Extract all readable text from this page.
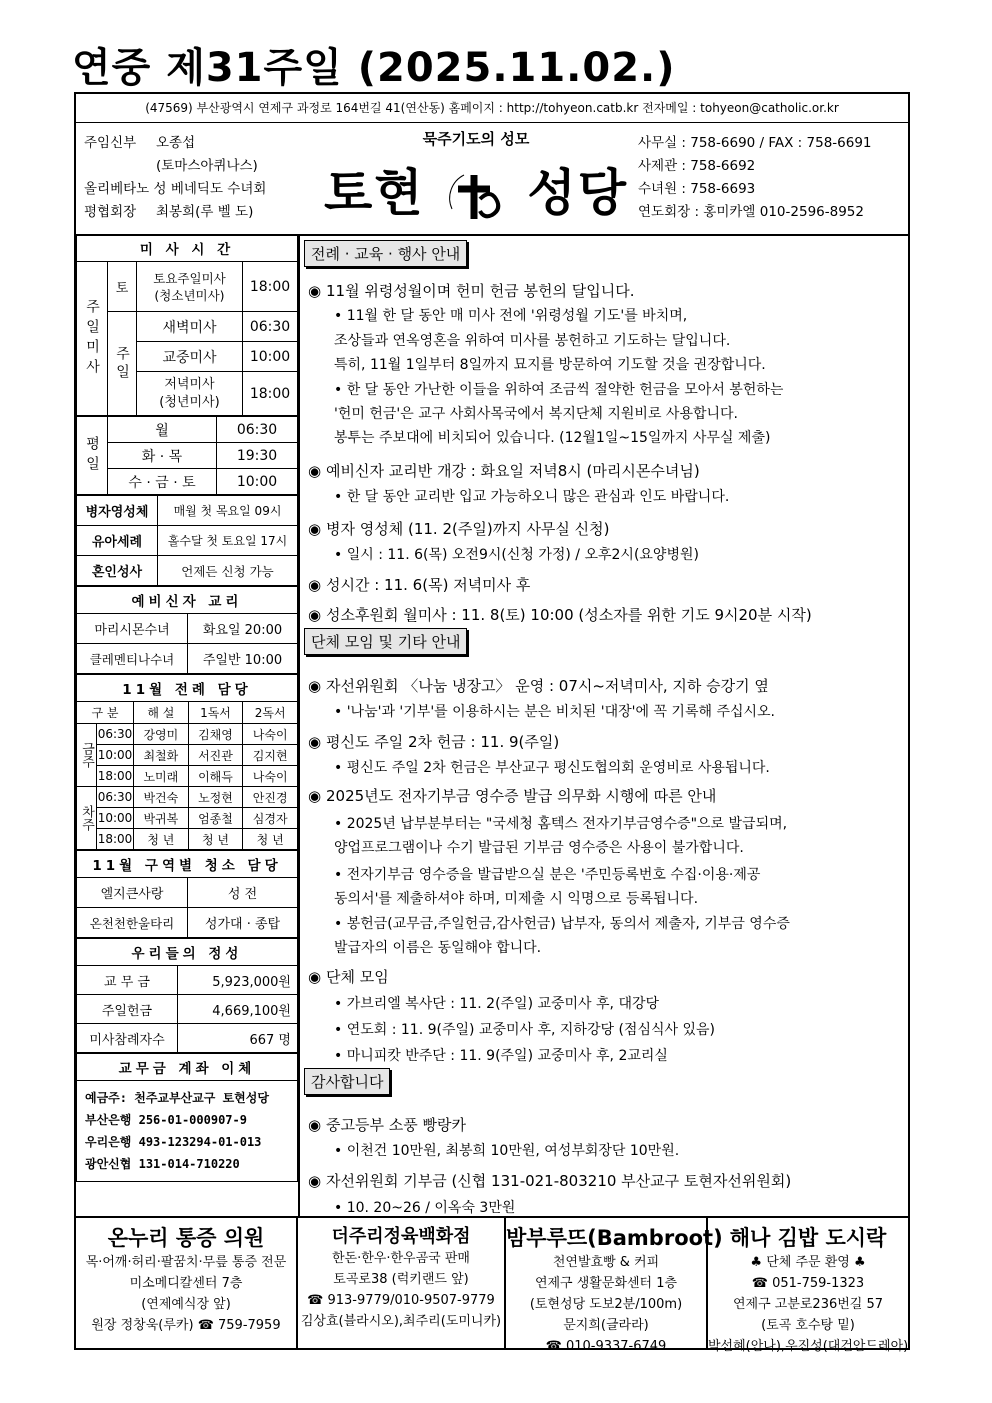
연중 제31주일 (2025.11.02.)
(47569) 부산광역시 연제구 과정로 164번길 41(연산동) 홈페이지 : http://tohyeon.catb.kr 전자메일 : tohyeon@catholic.or.kr
주임신부 오종섭
(토마스아퀴나스)
올리베타노 성 베네딕도 수녀회
평협회장 최봉희(루 벨 도)
묵주기도의 성모
토현 성당
사무실 : 758-6690 / FAX : 758-6691
사제관 : 758-6692
수녀원 : 758-6693
연도회장 : 홍미카엘 010-2596-8952
미 사 시 간			
주일미사	토	토요주일미사
(청소년미사)	18:00
	주일	새벽미사	06:30
		교중미사	10:00
		저녁미사
(청년미사)	18:00
평일	월	06:30
	화 · 목	19:30
	수 · 금 · 토	10:00
병자영성체	매월 첫 목요일 09시
유아세례	홀수달 첫 토요일 17시
혼인성사	언제든 신청 가능
예비신자 교리	
마리시몬수녀	화요일 20:00
클레멘티나수녀	주일반 10:00
11월 전례 담당				
구 분		해 설	1독서	2독서
금주	06:30	강영미	김채영	나숙이
	10:00	최철화	서진관	김지현
	18:00	노미래	이해득	나숙이
차주	06:30	박건숙	노정현	안진경
	10:00	박귀복	엄종철	심경자
	18:00	청 년	청 년	청 년
11월 구역별 청소 담당	
엘지큰사랑	성 전
온천천한울타리	성가대 · 종탑
우리들의 정성	
교 무 금	5,923,000원
주일헌금	4,669,100원
미사참례자수	667 명
교무금 계좌 이체

예금주: 천주교부산교구 토현성당
부산은행 256-01-000907-9
우리은행 493-123294-01-013
광안신협 131-014-710220
전례 · 교육 · 행사 안내
단체 모임 및 기타 안내
감사합니다
◉ 11월 위령성월이며 헌미 헌금 봉헌의 달입니다.
• 11월 한 달 동안 매 미사 전에 '위령성월 기도'를 바치며,
조상들과 연옥영혼을 위하여 미사를 봉헌하고 기도하는 달입니다.
특히, 11월 1일부터 8일까지 묘지를 방문하여 기도할 것을 권장합니다.
• 한 달 동안 가난한 이들을 위하여 조금씩 절약한 헌금을 모아서 봉헌하는
'헌미 헌금'은 교구 사회사목국에서 복지단체 지원비로 사용합니다.
봉투는 주보대에 비치되어 있습니다. (12월1일~15일까지 사무실 제출)
◉ 예비신자 교리반 개강 : 화요일 저녁8시 (마리시몬수녀님)
• 한 달 동안 교리반 입교 가능하오니 많은 관심과 인도 바랍니다.
◉ 병자 영성체 (11. 2(주일)까지 사무실 신청)
• 일시 : 11. 6(목) 오전9시(신청 가정) / 오후2시(요양병원)
◉ 성시간 : 11. 6(목) 저녁미사 후
◉ 성소후원회 월미사 : 11. 8(토) 10:00 (성소자를 위한 기도 9시20분 시작)
◉ 자선위원회 〈나눔 냉장고〉 운영 : 07시~저녁미사, 지하 승강기 옆
• '나눔'과 '기부'를 이용하시는 분은 비치된 '대장'에 꼭 기록해 주십시오.
◉ 평신도 주일 2차 헌금 : 11. 9(주일)
• 평신도 주일 2차 헌금은 부산교구 평신도협의회 운영비로 사용됩니다.
◉ 2025년도 전자기부금 영수증 발급 의무화 시행에 따른 안내
• 2025년 납부분부터는 "국세청 홈텍스 전자기부금영수증"으로 발급되며,
양업프로그램이나 수기 발급된 기부금 영수증은 사용이 불가합니다.
• 전자기부금 영수증을 발급받으실 분은 '주민등록번호 수집·이용·제공
동의서'를 제출하셔야 하며, 미제출 시 익명으로 등록됩니다.
• 봉헌금(교무금,주일헌금,감사헌금) 납부자, 동의서 제출자, 기부금 영수증
발급자의 이름은 동일해야 합니다.
◉ 단체 모임
• 가브리엘 복사단 : 11. 2(주일) 교중미사 후, 대강당
• 연도회 : 11. 9(주일) 교중미사 후, 지하강당 (점심식사 있음)
• 마니피캇 반주단 : 11. 9(주일) 교중미사 후, 2교리실
◉ 중고등부 소풍 빵랑카
• 이천건 10만원, 최봉희 10만원, 여성부회장단 10만원.
◉ 자선위원회 기부금 (신협 131-021-803210 부산교구 토현자선위원회)
• 10. 20~26 / 이옥숙 3만원
온누리 통증 의원
목·어깨·허리·팔꿈치·무릎 통증 전문
미소메디칼센터 7층
(연제예식장 앞)
원장 정창욱(루카) ☎ 759-7959
더주리정육백화점
한돈·한우·한우곰국 판매
토곡로38 (럭키랜드 앞)
☎ 913-9779/010-9507-9779
김상효(블라시오),최주리(도미니카)
밤부루뜨(Bambroot)
천연발효빵 & 커피
연제구 생활문화센터 1층
(토현성당 도보2분/100m)
문지희(글라라)
☎ 010-9337-6749
해나 김밥 도시락
♣ 단체 주문 환영 ♣
☎ 051-759-1323
연제구 고분로236번길 57
(토곡 호수탕 밑)
박선혜(안나),우진성(대건안드레아)
